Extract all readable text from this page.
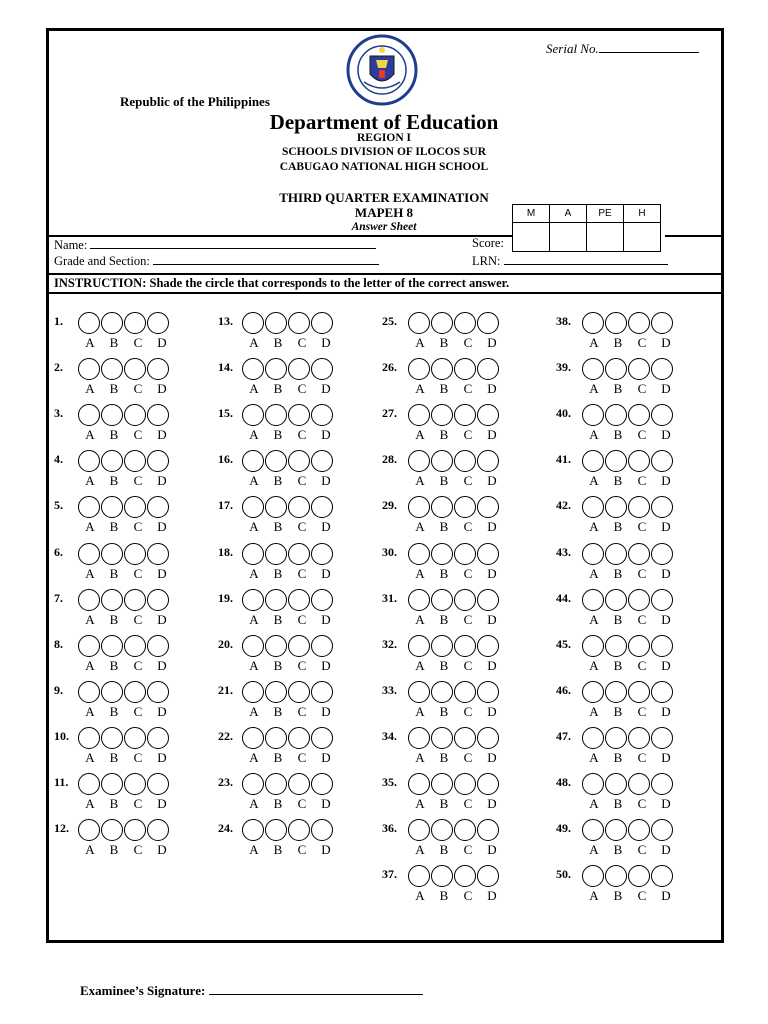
Serial No.
Republic of the Philippines
Department of Education
REGION I
SCHOOLS DIVISION OF ILOCOS SUR
CABUGAO NATIONAL HIGH SCHOOL
THIRD QUARTER EXAMINATION
MAPEH 8
Answer Sheet
M	A	PE	H

Name:	Score:
Grade and Section:	LRN:
INSTRUCTION: Shade the circle that corresponds to the letter of the correct answer.
1.
A	B	C	D
2.
A	B	C	D
3.
A	B	C	D
4.
A	B	C	D
5.
A	B	C	D
6.
A	B	C	D
7.
A	B	C	D
8.
A	B	C	D
9.
A	B	C	D
10.
A	B	C	D
11.
A	B	C	D
12.
A	B	C	D
13.
A	B	C	D
14.
A	B	C	D
15.
A	B	C	D
16.
A	B	C	D
17.
A	B	C	D
18.
A	B	C	D
19.
A	B	C	D
20.
A	B	C	D
21.
A	B	C	D
22.
A	B	C	D
23.
A	B	C	D
24.
A	B	C	D
25.
A	B	C	D
26.
A	B	C	D
27.
A	B	C	D
28.
A	B	C	D
29.
A	B	C	D
30.
A	B	C	D
31.
A	B	C	D
32.
A	B	C	D
33.
A	B	C	D
34.
A	B	C	D
35.
A	B	C	D
36.
A	B	C	D
37.
A	B	C	D
38.
A	B	C	D
39.
A	B	C	D
40.
A	B	C	D
41.
A	B	C	D
42.
A	B	C	D
43.
A	B	C	D
44.
A	B	C	D
45.
A	B	C	D
46.
A	B	C	D
47.
A	B	C	D
48.
A	B	C	D
49.
A	B	C	D
50.
A	B	C	D
Examinee’s Signature:
